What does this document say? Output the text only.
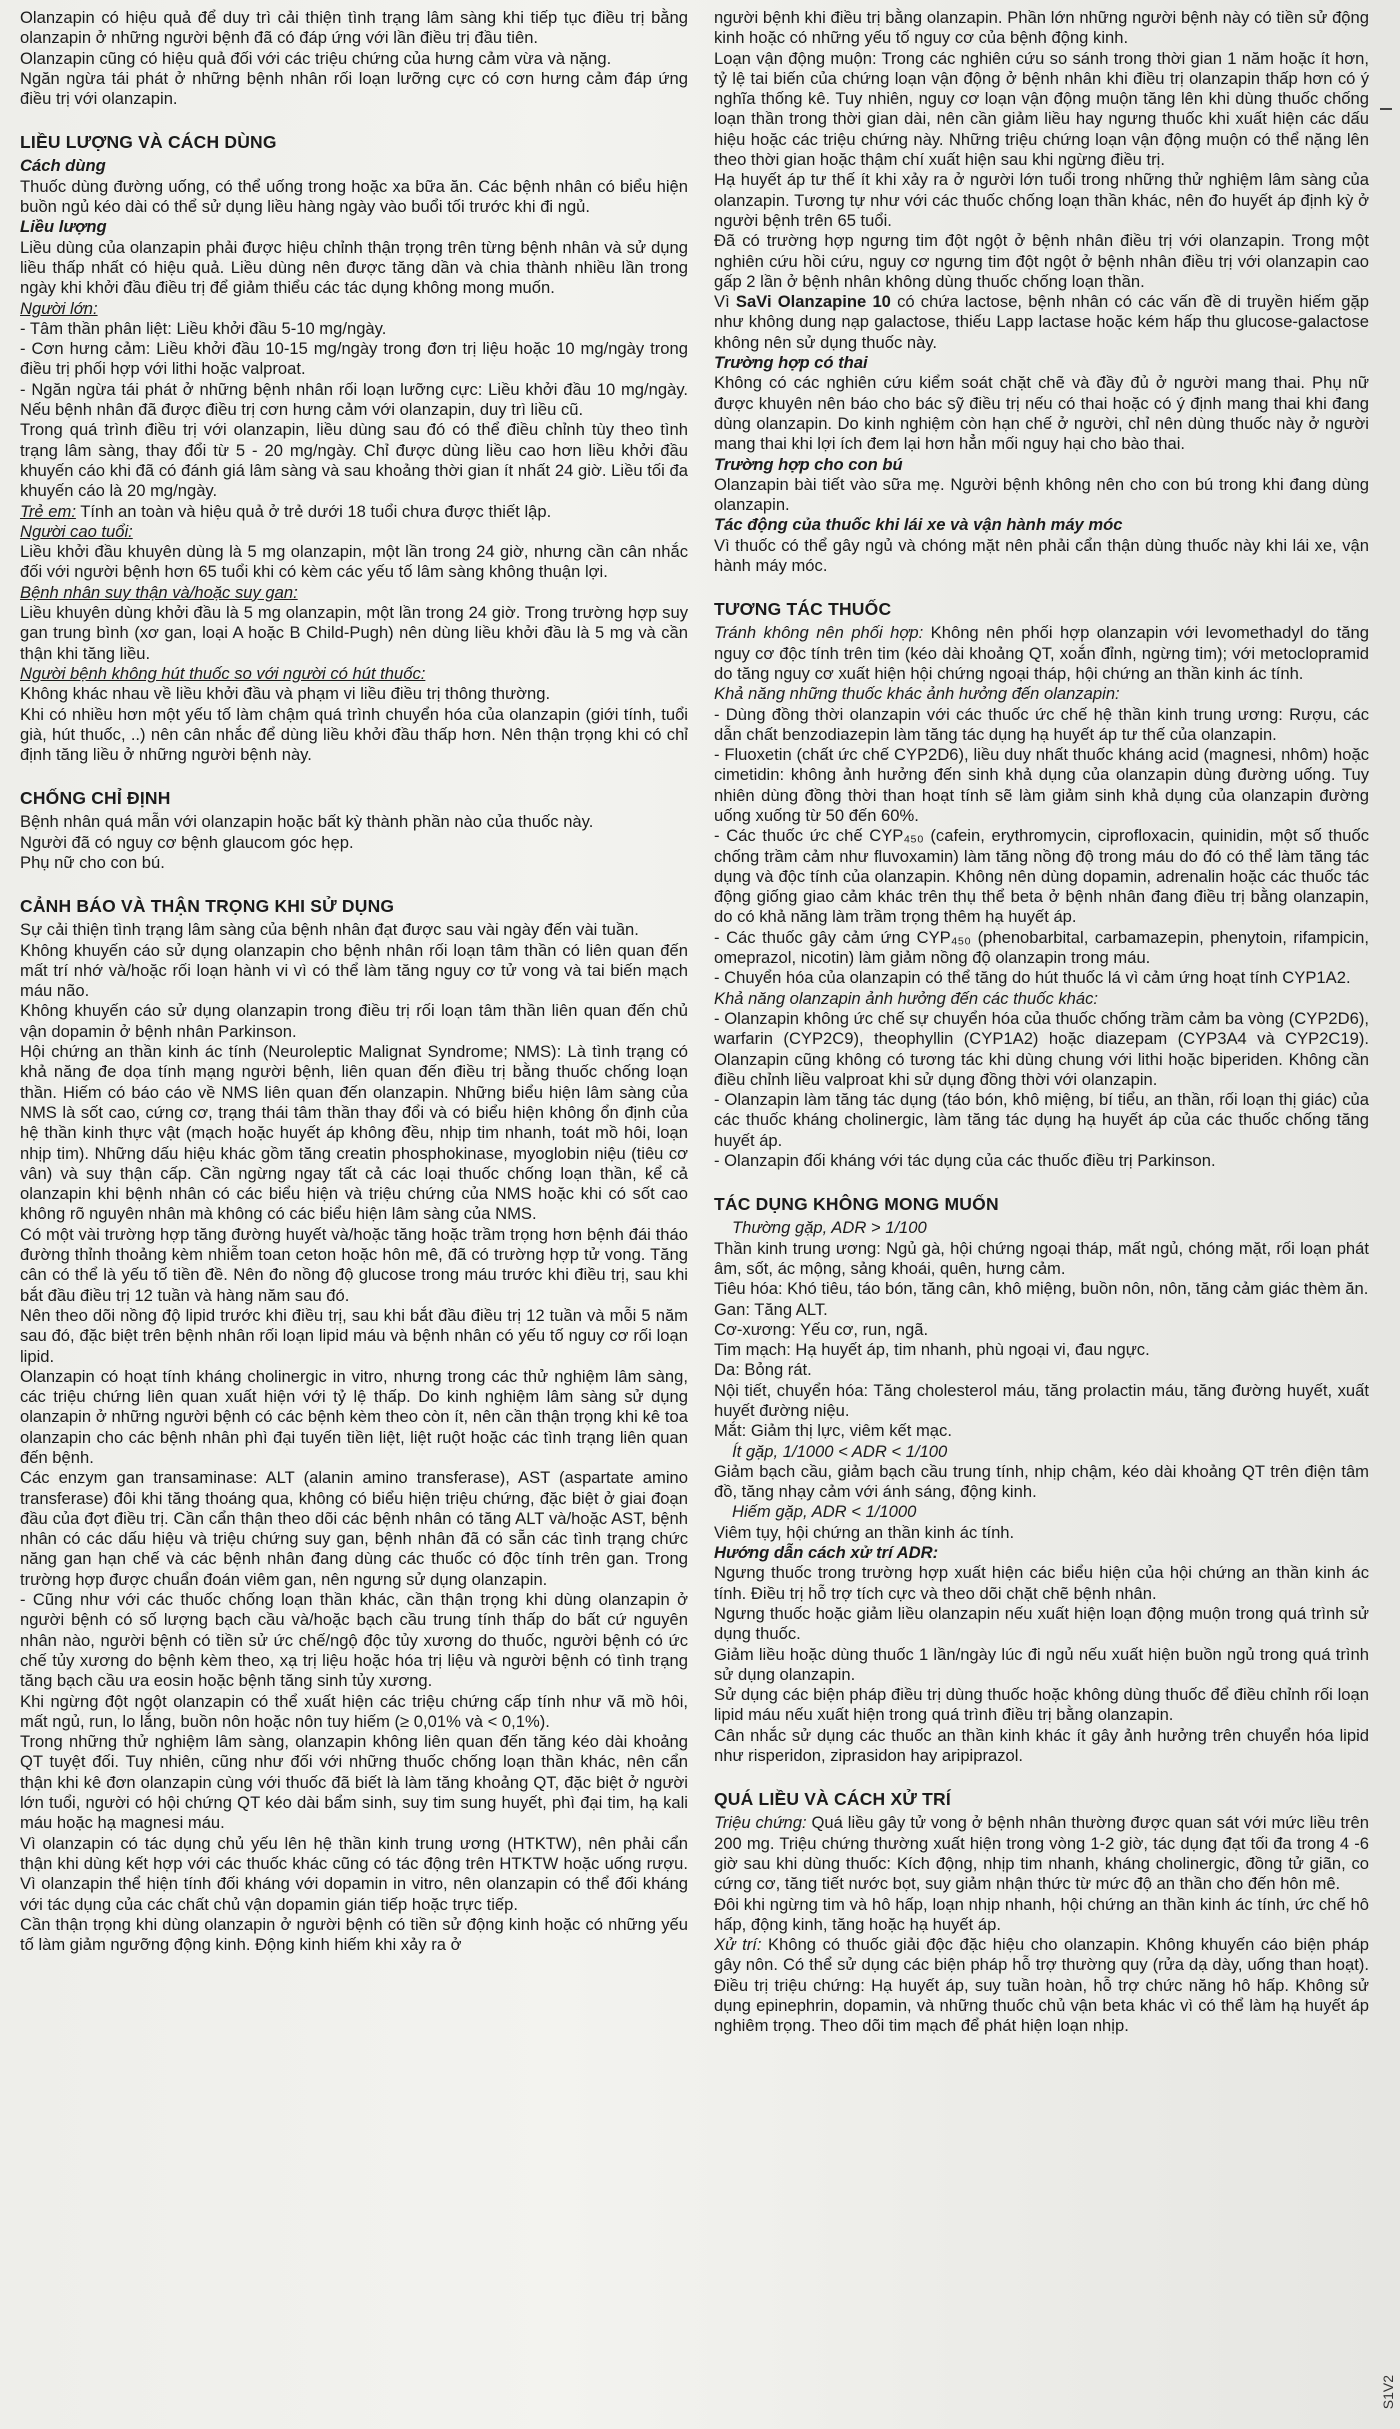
Olanzapin có hiệu quả để duy trì cải thiện tình trạng lâm sàng khi tiếp tục điều trị bằng olanzapin ở những người bệnh đã có đáp ứng với lần điều trị đầu tiên.

Olanzapin cũng có hiệu quả đối với các triệu chứng của hưng cảm vừa và nặng.

Ngăn ngừa tái phát ở những bệnh nhân rối loạn lưỡng cực có cơn hưng cảm đáp ứng điều trị với olanzapin.

LIỀU LƯỢNG VÀ CÁCH DÙNG
Cách dùng

Thuốc dùng đường uống, có thể uống trong hoặc xa bữa ăn. Các bệnh nhân có biểu hiện buồn ngủ kéo dài có thể sử dụng liều hàng ngày vào buổi tối trước khi đi ngủ.

Liều lượng

Liều dùng của olanzapin phải được hiệu chỉnh thận trọng trên từng bệnh nhân và sử dụng liều thấp nhất có hiệu quả. Liều dùng nên được tăng dần và chia thành nhiều lần trong ngày khi khởi đầu điều trị để giảm thiểu các tác dụng không mong muốn.

Người lớn:

- Tâm thần phân liệt: Liều khởi đầu 5-10 mg/ngày.

- Cơn hưng cảm: Liều khởi đầu 10-15 mg/ngày trong đơn trị liệu hoặc 10 mg/ngày trong điều trị phối hợp với lithi hoặc valproat.

- Ngăn ngừa tái phát ở những bệnh nhân rối loạn lưỡng cực: Liều khởi đầu 10 mg/ngày. Nếu bệnh nhân đã được điều trị cơn hưng cảm với olanzapin, duy trì liều cũ.

Trong quá trình điều trị với olanzapin, liều dùng sau đó có thể điều chỉnh tùy theo tình trạng lâm sàng, thay đổi từ 5 - 20 mg/ngày. Chỉ được dùng liều cao hơn liều khởi đầu khuyến cáo khi đã có đánh giá lâm sàng và sau khoảng thời gian ít nhất 24 giờ. Liều tối đa khuyến cáo là 20 mg/ngày.

Trẻ em: Tính an toàn và hiệu quả ở trẻ dưới 18 tuổi chưa được thiết lập.

Người cao tuổi:

Liều khởi đầu khuyên dùng là 5 mg olanzapin, một lần trong 24 giờ, nhưng cần cân nhắc đối với người bệnh hơn 65 tuổi khi có kèm các yếu tố lâm sàng không thuận lợi.

Bệnh nhân suy thận và/hoặc suy gan:

Liều khuyên dùng khởi đầu là 5 mg olanzapin, một lần trong 24 giờ. Trong trường hợp suy gan trung bình (xơ gan, loại A hoặc B Child-Pugh) nên dùng liều khởi đầu là 5 mg và cần thận khi tăng liều.

Người bệnh không hút thuốc so với người có hút thuốc:

Không khác nhau về liều khởi đầu và phạm vi liều điều trị thông thường.

Khi có nhiều hơn một yếu tố làm chậm quá trình chuyển hóa của olanzapin (giới tính, tuổi già, hút thuốc, ..) nên cân nhắc để dùng liều khởi đầu thấp hơn. Nên thận trọng khi có chỉ định tăng liều ở những người bệnh này.

CHỐNG CHỈ ĐỊNH

Bệnh nhân quá mẫn với olanzapin hoặc bất kỳ thành phần nào của thuốc này.

Người đã có nguy cơ bệnh glaucom góc hẹp.

Phụ nữ cho con bú.

CẢNH BÁO VÀ THẬN TRỌNG KHI SỬ DỤNG

Sự cải thiện tình trạng lâm sàng của bệnh nhân đạt được sau vài ngày đến vài tuần.

Không khuyến cáo sử dụng olanzapin cho bệnh nhân rối loạn tâm thần có liên quan đến mất trí nhớ và/hoặc rối loạn hành vi vì có thể làm tăng nguy cơ tử vong và tai biến mạch máu não.

Không khuyến cáo sử dụng olanzapin trong điều trị rối loạn tâm thần liên quan đến chủ vận dopamin ở bệnh nhân Parkinson.

Hội chứng an thần kinh ác tính (Neuroleptic Malignat Syndrome; NMS): Là tình trạng có khả năng đe dọa tính mạng người bệnh, liên quan đến điều trị bằng thuốc chống loạn thần. Hiếm có báo cáo về NMS liên quan đến olanzapin. Những biểu hiện lâm sàng của NMS là sốt cao, cứng cơ, trạng thái tâm thần thay đổi và có biểu hiện không ổn định của hệ thần kinh thực vật (mạch hoặc huyết áp không đều, nhịp tim nhanh, toát mồ hôi, loạn nhịp tim). Những dấu hiệu khác gồm tăng creatin phosphokinase, myoglobin niệu (tiêu cơ vân) và suy thận cấp. Cần ngừng ngay tất cả các loại thuốc chống loạn thần, kể cả olanzapin khi bệnh nhân có các biểu hiện và triệu chứng của NMS hoặc khi có sốt cao không rõ nguyên nhân mà không có các biểu hiện lâm sàng của NMS.

Có một vài trường hợp tăng đường huyết và/hoặc tăng hoặc trầm trọng hơn bệnh đái tháo đường thỉnh thoảng kèm nhiễm toan ceton hoặc hôn mê, đã có trường hợp tử vong. Tăng cân có thể là yếu tố tiền đề. Nên đo nồng độ glucose trong máu trước khi điều trị, sau khi bắt đầu điều trị 12 tuần và hàng năm sau đó.

Nên theo dõi nồng độ lipid trước khi điều trị, sau khi bắt đầu điều trị 12 tuần và mỗi 5 năm sau đó, đặc biệt trên bệnh nhân rối loạn lipid máu và bệnh nhân có yếu tố nguy cơ rối loạn lipid.

Olanzapin có hoạt tính kháng cholinergic in vitro, nhưng trong các thử nghiệm lâm sàng, các triệu chứng liên quan xuất hiện với tỷ lệ thấp. Do kinh nghiệm lâm sàng sử dụng olanzapin ở những người bệnh có các bệnh kèm theo còn ít, nên cần thận trọng khi kê toa olanzapin cho các bệnh nhân phì đại tuyến tiền liệt, liệt ruột hoặc các tình trạng liên quan đến bệnh.

Các enzym gan transaminase: ALT (alanin amino transferase), AST (aspartate amino transferase) đôi khi tăng thoáng qua, không có biểu hiện triệu chứng, đặc biệt ở giai đoạn đầu của đợt điều trị. Cần cẩn thận theo dõi các bệnh nhân có tăng ALT và/hoặc AST, bệnh nhân có các dấu hiệu và triệu chứng suy gan, bệnh nhân đã có sẵn các tình trạng chức năng gan hạn chế và các bệnh nhân đang dùng các thuốc có độc tính trên gan. Trong trường hợp được chuẩn đoán viêm gan, nên ngưng sử dụng olanzapin.

- Cũng như với các thuốc chống loạn thần khác, cần thận trọng khi dùng olanzapin ở người bệnh có số lượng bạch cầu và/hoặc bạch cầu trung tính thấp do bất cứ nguyên nhân nào, người bệnh có tiền sử ức chế/ngộ độc tủy xương do thuốc, người bệnh có ức chế tủy xương do bệnh kèm theo, xạ trị liệu hoặc hóa trị liệu và người bệnh có tình trạng tăng bạch cầu ưa eosin hoặc bệnh tăng sinh tủy xương.

Khi ngừng đột ngột olanzapin có thể xuất hiện các triệu chứng cấp tính như vã mồ hôi, mất ngủ, run, lo lắng, buồn nôn hoặc nôn tuy hiếm (≥ 0,01% và < 0,1%).

Trong những thử nghiệm lâm sàng, olanzapin không liên quan đến tăng kéo dài khoảng QT tuyệt đối. Tuy nhiên, cũng như đối với những thuốc chống loạn thần khác, nên cẩn thận khi kê đơn olanzapin cùng với thuốc đã biết là làm tăng khoảng QT, đặc biệt ở người lớn tuổi, người có hội chứng QT kéo dài bẩm sinh, suy tim sung huyết, phì đại tim, hạ kali máu hoặc hạ magnesi máu.

Vì olanzapin có tác dụng chủ yếu lên hệ thần kinh trung ương (HTKTW), nên phải cẩn thận khi dùng kết hợp với các thuốc khác cũng có tác động trên HTKTW hoặc uống rượu. Vì olanzapin thể hiện tính đối kháng với dopamin in vitro, nên olanzapin có thể đối kháng với tác dụng của các chất chủ vận dopamin gián tiếp hoặc trực tiếp.

Cần thận trọng khi dùng olanzapin ở người bệnh có tiền sử động kinh hoặc có những yếu tố làm giảm ngưỡng động kinh. Động kinh hiếm khi xảy ra ở

người bệnh khi điều trị bằng olanzapin. Phần lớn những người bệnh này có tiền sử động kinh hoặc có những yếu tố nguy cơ của bệnh động kinh.

Loạn vận động muộn: Trong các nghiên cứu so sánh trong thời gian 1 năm hoặc ít hơn, tỷ lệ tai biến của chứng loạn vận động ở bệnh nhân khi điều trị olanzapin thấp hơn có ý nghĩa thống kê. Tuy nhiên, nguy cơ loạn vận động muộn tăng lên khi dùng thuốc chống loạn thần trong thời gian dài, nên cần giảm liều hay ngưng thuốc khi xuất hiện các dấu hiệu hoặc các triệu chứng này. Những triệu chứng loạn vận động muộn có thể nặng lên theo thời gian hoặc thậm chí xuất hiện sau khi ngừng điều trị.

Hạ huyết áp tư thế ít khi xảy ra ở người lớn tuổi trong những thử nghiệm lâm sàng của olanzapin. Tương tự như với các thuốc chống loạn thần khác, nên đo huyết áp định kỳ ở người bệnh trên 65 tuổi.

Đã có trường hợp ngưng tim đột ngột ở bệnh nhân điều trị với olanzapin. Trong một nghiên cứu hồi cứu, nguy cơ ngưng tim đột ngột ở bệnh nhân điều trị với olanzapin cao gấp 2 lần ở bệnh nhân không dùng thuốc chống loạn thần.

Vì SaVi Olanzapine 10 có chứa lactose, bệnh nhân có các vấn đề di truyền hiếm gặp như không dung nạp galactose, thiếu Lapp lactase hoặc kém hấp thu glucose-galactose không nên sử dụng thuốc này.

Trường hợp có thai

Không có các nghiên cứu kiểm soát chặt chẽ và đầy đủ ở người mang thai. Phụ nữ được khuyên nên báo cho bác sỹ điều trị nếu có thai hoặc có ý định mang thai khi đang dùng olanzapin. Do kinh nghiệm còn hạn chế ở người, chỉ nên dùng thuốc này ở người mang thai khi lợi ích đem lại hơn hẳn mối nguy hại cho bào thai.

Trường hợp cho con bú

Olanzapin bài tiết vào sữa mẹ. Người bệnh không nên cho con bú trong khi đang dùng olanzapin.

Tác động của thuốc khi lái xe và vận hành máy móc

Vì thuốc có thể gây ngủ và chóng mặt nên phải cẩn thận dùng thuốc này khi lái xe, vận hành máy móc.

TƯƠNG TÁC THUỐC

Tránh không nên phối hợp: Không nên phối hợp olanzapin với levomethadyl do tăng nguy cơ độc tính trên tim (kéo dài khoảng QT, xoắn đỉnh, ngừng tim); với metoclopramid do tăng nguy cơ xuất hiện hội chứng ngoại tháp, hội chứng an thần kinh ác tính.

Khả năng những thuốc khác ảnh hưởng đến olanzapin:

- Dùng đồng thời olanzapin với các thuốc ức chế hệ thần kinh trung ương: Rượu, các dẫn chất benzodiazepin làm tăng tác dụng hạ huyết áp tư thế của olanzapin.

- Fluoxetin (chất ức chế CYP2D6), liều duy nhất thuốc kháng acid (magnesi, nhôm) hoặc cimetidin: không ảnh hưởng đến sinh khả dụng của olanzapin dùng đường uống. Tuy nhiên dùng đồng thời than hoạt tính sẽ làm giảm sinh khả dụng của olanzapin đường uống xuống từ 50 đến 60%.

- Các thuốc ức chế CYP₄₅₀ (cafein, erythromycin, ciprofloxacin, quinidin, một số thuốc chống trầm cảm như fluvoxamin) làm tăng nồng độ trong máu do đó có thể làm tăng tác dụng và độc tính của olanzapin. Không nên dùng dopamin, adrenalin hoặc các thuốc tác động giống giao cảm khác trên thụ thể beta ở bệnh nhân đang điều trị bằng olanzapin, do có khả năng làm trầm trọng thêm hạ huyết áp.

- Các thuốc gây cảm ứng CYP₄₅₀ (phenobarbital, carbamazepin, phenytoin, rifampicin, omeprazol, nicotin) làm giảm nồng độ olanzapin trong máu.

- Chuyển hóa của olanzapin có thể tăng do hút thuốc lá vì cảm ứng hoạt tính CYP1A2.

Khả năng olanzapin ảnh hưởng đến các thuốc khác:

- Olanzapin không ức chế sự chuyển hóa của thuốc chống trầm cảm ba vòng (CYP2D6), warfarin (CYP2C9), theophyllin (CYP1A2) hoặc diazepam (CYP3A4 và CYP2C19). Olanzapin cũng không có tương tác khi dùng chung với lithi hoặc biperiden. Không cần điều chỉnh liều valproat khi sử dụng đồng thời với olanzapin.

- Olanzapin làm tăng tác dụng (táo bón, khô miệng, bí tiểu, an thần, rối loạn thị giác) của các thuốc kháng cholinergic, làm tăng tác dụng hạ huyết áp của các thuốc chống tăng huyết áp.

- Olanzapin đối kháng với tác dụng của các thuốc điều trị Parkinson.

TÁC DỤNG KHÔNG MONG MUỐN
Thường gặp, ADR > 1/100

Thần kinh trung ương: Ngủ gà, hội chứng ngoại tháp, mất ngủ, chóng mặt, rối loạn phát âm, sốt, ác mộng, sảng khoái, quên, hưng cảm.

Tiêu hóa: Khó tiêu, táo bón, tăng cân, khô miệng, buồn nôn, nôn, tăng cảm giác thèm ăn.

Gan: Tăng ALT.

Cơ-xương: Yếu cơ, run, ngã.

Tim mạch: Hạ huyết áp, tim nhanh, phù ngoại vi, đau ngực.

Da: Bỏng rát.

Nội tiết, chuyển hóa: Tăng cholesterol máu, tăng prolactin máu, tăng đường huyết, xuất huyết đường niệu.

Mắt: Giảm thị lực, viêm kết mạc.

Ít gặp, 1/1000 < ADR < 1/100

Giảm bạch cầu, giảm bạch cầu trung tính, nhịp chậm, kéo dài khoảng QT trên điện tâm đồ, tăng nhạy cảm với ánh sáng, động kinh.

Hiếm gặp, ADR < 1/1000

Viêm tụy, hội chứng an thần kinh ác tính.

Hướng dẫn cách xử trí ADR:

Ngưng thuốc trong trường hợp xuất hiện các biểu hiện của hội chứng an thần kinh ác tính. Điều trị hỗ trợ tích cực và theo dõi chặt chẽ bệnh nhân.

Ngưng thuốc hoặc giảm liều olanzapin nếu xuất hiện loạn động muộn trong quá trình sử dụng thuốc.

Giảm liều hoặc dùng thuốc 1 lần/ngày lúc đi ngủ nếu xuất hiện buồn ngủ trong quá trình sử dụng olanzapin.

Sử dụng các biện pháp điều trị dùng thuốc hoặc không dùng thuốc để điều chỉnh rối loạn lipid máu nếu xuất hiện trong quá trình điều trị bằng olanzapin.

Cân nhắc sử dụng các thuốc an thần kinh khác ít gây ảnh hưởng trên chuyển hóa lipid như risperidon, ziprasidon hay aripiprazol.

QUÁ LIỀU VÀ CÁCH XỬ TRÍ

Triệu chứng: Quá liều gây tử vong ở bệnh nhân thường được quan sát với mức liều trên 200 mg. Triệu chứng thường xuất hiện trong vòng 1-2 giờ, tác dụng đạt tối đa trong 4 -6 giờ sau khi dùng thuốc: Kích động, nhịp tim nhanh, kháng cholinergic, đồng tử giãn, co cứng cơ, tăng tiết nước bọt, suy giảm nhận thức từ mức độ an thần cho đến hôn mê.

Đôi khi ngừng tim và hô hấp, loạn nhịp nhanh, hội chứng an thần kinh ác tính, ức chế hô hấp, động kinh, tăng hoặc hạ huyết áp.

Xử trí: Không có thuốc giải độc đặc hiệu cho olanzapin. Không khuyến cáo biện pháp gây nôn. Có thể sử dụng các biện pháp hỗ trợ thường quy (rửa dạ dày, uống than hoạt). Điều trị triệu chứng: Hạ huyết áp, suy tuần hoàn, hỗ trợ chức năng hô hấp. Không sử dụng epinephrin, dopamin, và những thuốc chủ vận beta khác vì có thể làm hạ huyết áp nghiêm trọng. Theo dõi tim mạch để phát hiện loạn nhịp.

S1V2
